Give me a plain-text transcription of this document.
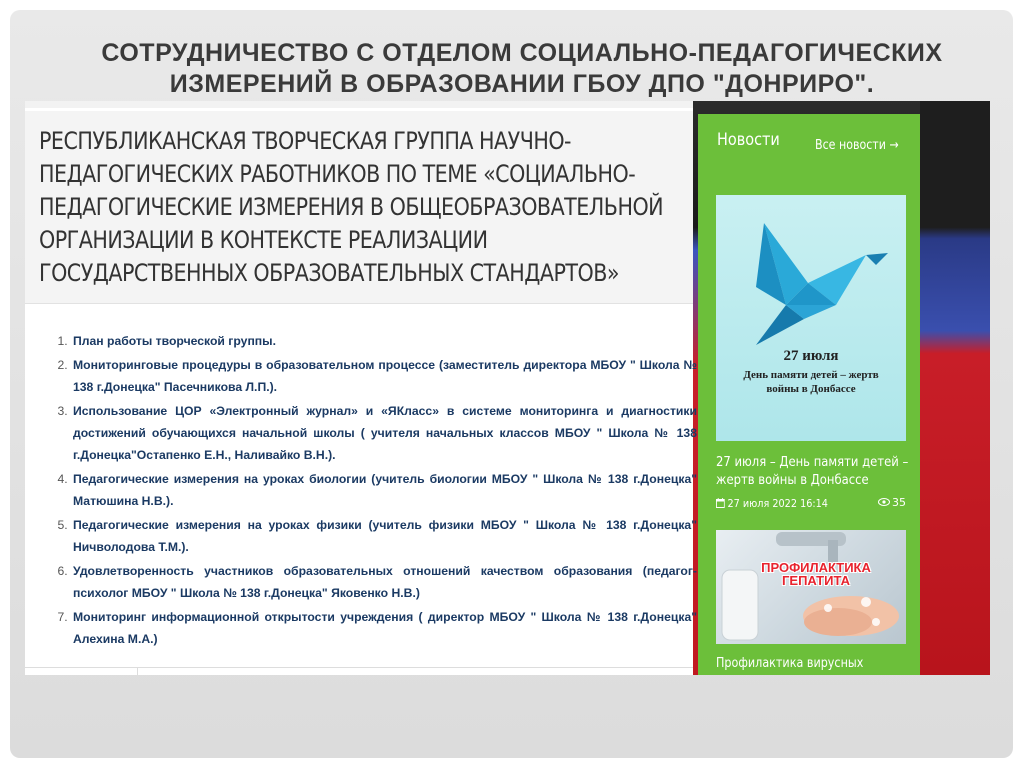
СОТРУДНИЧЕСТВО С ОТДЕЛОМ СОЦИАЛЬНО-ПЕДАГОГИЧЕСКИХ ИЗМЕРЕНИЙ В ОБРАЗОВАНИИ ГБОУ ДПО "ДОНРИРО".
РЕСПУБЛИКАНСКАЯ ТВОРЧЕСКАЯ ГРУППА НАУЧНО-ПЕДАГОГИЧЕСКИХ РАБОТНИКОВ ПО ТЕМЕ «СОЦИАЛЬНО-ПЕДАГОГИЧЕСКИЕ ИЗМЕРЕНИЯ В ОБЩЕОБРАЗОВАТЕЛЬНОЙ ОРГАНИЗАЦИИ В КОНТЕКСТЕ РЕАЛИЗАЦИИ ГОСУДАРСТВЕННЫХ ОБРАЗОВАТЕЛЬНЫХ СТАНДАРТОВ»
1. План работы творческой группы.
2. Мониторинговые процедуры в образовательном процессе (заместитель директора МБОУ " Школа № 138 г.Донецка" Пасечникова Л.П.).
3. Использование ЦОР «Электронный журнал» и «ЯКласс» в системе мониторинга и диагностики достижений обучающихся начальной школы ( учителя начальных классов МБОУ " Школа № 138 г.Донецка"Остапенко Е.Н., Наливайко В.Н.).
4. Педагогические измерения на уроках биологии (учитель биологии МБОУ " Школа № 138 г.Донецка" Матюшина Н.В.).
5. Педагогические измерения на уроках физики (учитель физики МБОУ " Школа № 138 г.Донецка" Ничволодова Т.М.).
6. Удовлетворенность участников образовательных отношений качеством образования (педагог-психолог МБОУ " Школа № 138 г.Донецка" Яковенко Н.В.)
7. Мониторинг информационной открытости учреждения ( директор МБОУ " Школа № 138 г.Донецка" Алехина М.А.)
Новости	Все новости →
27 июля
День памяти детей – жертв войны в Донбассе
27 июля – День памяти детей – жертв войны в Донбассе
27 июля 2022 16:14	35
ПРОФИЛАКТИКА ГЕПАТИТА
Профилактика вирусных
